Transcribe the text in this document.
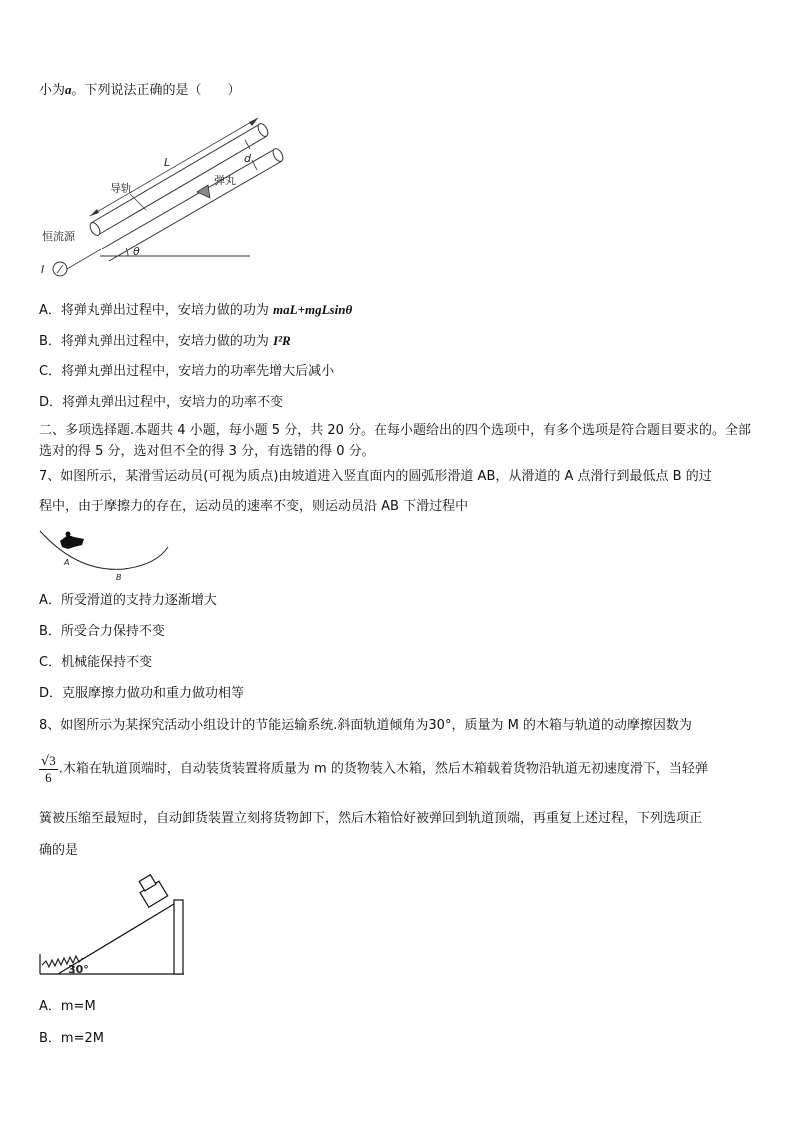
小为a。下列说法正确的是（　　）
L	d
弹丸
导轨
恒流源
I
θ
A．将弹丸弹出过程中，安培力做的功为 maL+mgLsinθ
B．将弹丸弹出过程中，安培力做的功为 I²R
C．将弹丸弹出过程中，安培力的功率先增大后减小
D．将弹丸弹出过程中，安培力的功率不变
二、多项选择题.本题共 4 小题，每小题 5 分，共 20 分。在每小题给出的四个选项中，有多个选项是符合题目要求的。全部选对的得 5 分，选对但不全的得 3 分，有选错的得 0 分。
7、如图所示，某滑雪运动员(可视为质点)由坡道进入竖直面内的圆弧形滑道 AB，从滑道的 A 点滑行到最低点 B 的过
程中，由于摩擦力的存在，运动员的速率不变，则运动员沿 AB 下滑过程中
A
B
A．所受滑道的支持力逐渐增大
B．所受合力保持不变
C．机械能保持不变
D．克服摩擦力做功和重力做功相等
8、如图所示为某探究活动小组设计的节能运输系统.斜面轨道倾角为30°，质量为 M 的木箱与轨道的动摩擦因数为
$\frac{√3}{6}$ .木箱在轨道顶端时，自动装货装置将质量为 m 的货物装入木箱，然后木箱载着货物沿轨道无初速度滑下，当轻弹
簧被压缩至最短时，自动卸货装置立刻将货物卸下，然后木箱恰好被弹回到轨道顶端，再重复上述过程，下列选项正
确的是
30°
A．m=M
B．m=2M
